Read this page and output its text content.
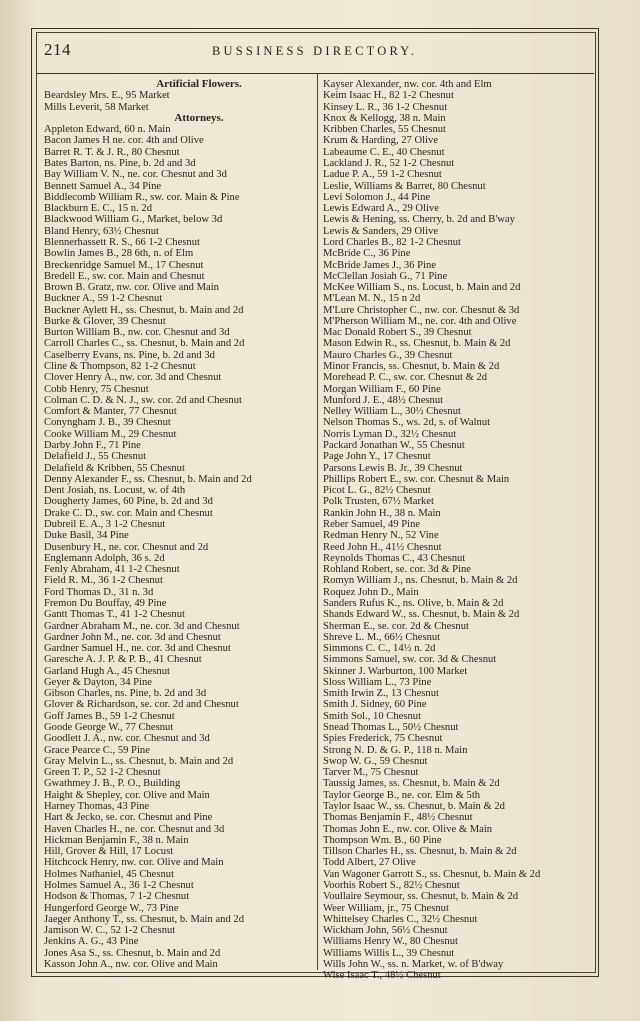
214	BUSSINESS DIRECTORY.
Artificial Flowers.
Beardsley Mrs. E., 95 Market
Mills Leverit, 58 Market
Attorneys.
Appleton Edward, 60 n. Main
Bacon James H ne. cor. 4th and Olive
Barret R. T. & J. R., 80 Chesnut
Bates Barton, ns. Pine, b. 2d and 3d
Bay William V. N., ne. cor. Chesnut and 3d
Bennett Samuel A., 34 Pine
Biddlecomb William R., sw. cor. Main & Pine
Blackburn E. C., 15 n. 2d
Blackwood William G., Market, below 3d
Bland Henry, 63½ Chesnut
Blennerhassett R. S., 66 1-2 Chesnut
Bowlin James B., 28 6th, n. of Elm
Breckenridge Samuel M., 17 Chesnut
Bredell E., sw. cor. Main and Chesnut
Brown B. Gratz, nw. cor. Olive and Main
Buckner A., 59 1-2 Chesnut
Buckner Aylett H., ss. Chesnut, b. Main and 2d
Burke & Glover, 39 Chesnut
Burton William B., nw. cor. Chesnut and 3d
Carroll Charles C., ss. Chesnut, b. Main and 2d
Caselberry Evans, ns. Pine, b. 2d and 3d
Cline & Thompson, 82 1-2 Chesnut
Clover Henry A., nw. cor. 3d and Chesnut
Cobb Henry, 75 Chesnut
Colman C. D. & N. J., sw. cor. 2d and Chesnut
Comfort & Manter, 77 Chesnut
Conyngham J. B., 39 Chesnut
Cooke William M., 29 Chesnut
Darby John F., 71 Pine
Delafield J., 55 Chesnut
Delafield & Kribben, 55 Chesnut
Denny Alexander F., ss. Chesnut, b. Main and 2d
Dent Josiah, ns. Locust, w. of 4th
Dougherty James, 60 Pine, b. 2d and 3d
Drake C. D., sw. cor. Main and Chesnut
Dubreil E. A., 3 1-2 Chesnut
Duke Basil, 34 Pine
Dusenbury H., ne. cor. Chesnut and 2d
Englemann Adolph, 36 s. 2d
Fenly Abraham, 41 1-2 Chesnut
Field R. M., 36 1-2 Chesnut
Ford Thomas D., 31 n. 3d
Fremon Du Bouffay, 49 Pine
Gantt Thomas T., 41 1-2 Chesnut
Gardner Abraham M., ne. cor. 3d and Chesnut
Gardner John M., ne. cor. 3d and Chesnut
Gardner Samuel H., ne. cor. 3d and Chesnut
Garesche A. J. P. & P. B., 41 Chesnut
Garland Hugh A., 45 Chesnut
Geyer & Dayton, 34 Pine
Gibson Charles, ns. Pine, b. 2d and 3d
Glover & Richardson, se. cor. 2d and Chesnut
Goff James B., 59 1-2 Chesnut
Goode George W., 77 Chesnut
Goodlett J. A., nw. cor. Chesnut and 3d
Grace Pearce C., 59 Pine
Gray Melvin L., ss. Chesnut, b. Main and 2d
Green T. P., 52 1-2 Chesnut
Gwathmey J. B., P. O., Building
Haight & Shepley, cor. Olive and Main
Harney Thomas, 43 Pine
Hart & Jecko, se. cor. Chesnut and Pine
Haven Charles H., ne. cor. Chesnut and 3d
Hickman Benjamin F., 38 n. Main
Hill, Grover & Hill, 17 Locust
Hitchcock Henry, nw. cor. Olive and Main
Holmes Nathaniel, 45 Chesnut
Holmes Samuel A., 36 1-2 Chesnut
Hodson & Thomas, 7 1-2 Chesnut
Hungerford George W., 73 Pine
Jaeger Anthony T., ss. Chesnut, b. Main and 2d
Jamison W. C., 52 1-2 Chesnut
Jenkins A. G., 43 Pine
Jones Asa S., ss. Chesnut, b. Main and 2d
Kasson John A., nw. cor. Olive and Main
Kayser Alexander, nw. cor. 4th and Elm
Keim Isaac H., 82 1-2 Chesnut
Kinsey L. R., 36 1-2 Chesnut
Knox & Kellogg, 38 n. Main
Kribben Charles, 55 Chesnut
Krum & Harding, 27 Olive
Labeaume C. E., 40 Chesnut
Lackland J. R., 52 1-2 Chesnut
Ladue P. A., 59 1-2 Chesnut
Leslie, Williams & Barret, 80 Chesnut
Levi Solomon J., 44 Pine
Lewis Edward A., 29 Olive
Lewis & Hening, ss. Cherry, b. 2d and B'way
Lewis & Sanders, 29 Olive
Lord Charles B., 82 1-2 Chesnut
McBride C., 36 Pine
McBride James J., 36 Pine
McClellan Josiah G., 71 Pine
McKee William S., ns. Locust, b. Main and 2d
M'Lean M. N., 15 n 2d
M'Lure Christopher C., nw. cor. Chesnut & 3d
M'Pherson William M., ne. cor. 4th and Olive
Mac Donald Robert S., 39 Chesnut
Mason Edwin R., ss. Chesnut, b. Main & 2d
Mauro Charles G., 39 Chesnut
Minor Francis, ss. Chesnut, b. Main & 2d
Morehead P. C., sw. cor. Chesnut & 2d
Morgan William F., 60 Pine
Munford J. E., 48½ Chesnut
Nelley William L., 30½ Chesnut
Nelson Thomas S., ws. 2d, s. of Walnut
Norris Lyman D., 32½ Chesnut
Packard Jonathan W., 55 Chesnut
Page John Y., 17 Chesnut
Parsons Lewis B. Jr., 39 Chesnut
Phillips Robert E., sw. cor. Chesnut & Main
Picot L. G., 82½ Chesnut
Polk Trusten, 67½ Market
Rankin John H., 38 n. Main
Reber Samuel, 49 Pine
Redman Henry N., 52 Vine
Reed John H., 41½ Chesnut
Reynolds Thomas C., 43 Chesnut
Rohland Robert, se. cor. 3d & Pine
Romyn William J., ns. Chesnut, b. Main & 2d
Roquez John D., Main
Sanders Rufus K., ns. Olive, b. Main & 2d
Shands Edward W., ss. Chesnut, b. Main & 2d
Sherman E., se. cor. 2d & Chesnut
Shreve L. M., 66½ Chesnut
Simmons C. C., 14½ n. 2d
Simmons Samuel, sw. cor. 3d & Chesnut
Skinner J. Warburton, 100 Market
Sloss William L., 73 Pine
Smith Irwin Z., 13 Chesnut
Smith J. Sidney, 60 Pine
Smith Sol., 10 Chesnut
Snead Thomas L., 50½ Chesnut
Spies Frederick, 75 Chesnut
Strong N. D. & G. P., 118 n. Main
Swop W. G., 59 Chesnut
Tarver M., 75 Chesnut
Taussig James, ss. Chesnut, b. Main & 2d
Taylor George B., ne. cor. Elm & 5th
Taylor Isaac W., ss. Chesnut, b. Main & 2d
Thomas Benjamin F., 48½ Chesnut
Thomas John E., nw. cor. Olive & Main
Thompson Wm. B., 60 Pine
Tillson Charles H., ss. Chesnut, b. Main & 2d
Todd Albert, 27 Olive
Van Wagoner Garrott S., ss. Chesnut, b. Main & 2d
Voorhis Robert S., 82½ Chesnut
Voullaire Seymour, ss. Chesnut, b. Main & 2d
Weer William, jr., 75 Chesnut
Whittelsey Charles C., 32½ Chesnut
Wickham John, 56½ Chesnut
Williams Henry W., 80 Chesnut
Williams Willis L., 39 Chesnut
Wills John W., ss. n. Market, w. of B'dway
Wise Isaac T., 48½ Chesnut
